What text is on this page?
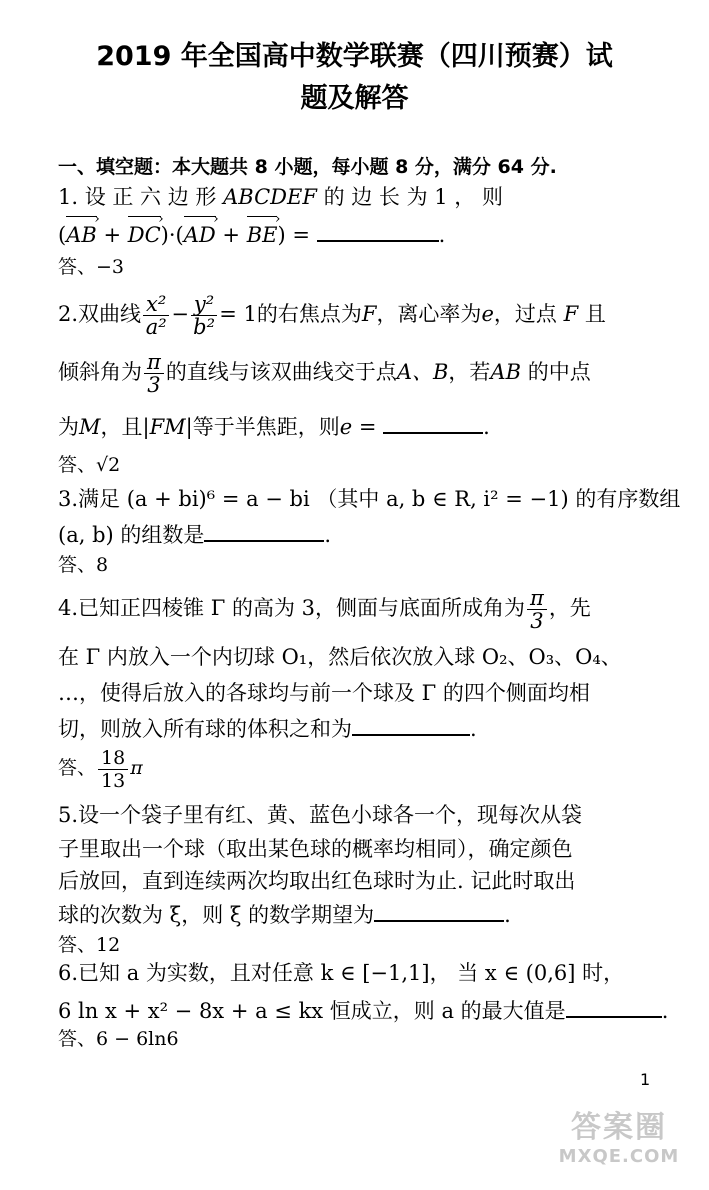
2019 年全国高中数学联赛（四川预赛）试
题及解答
一、填空题：本大题共 8 小题，每小题 8 分，满分 64 分.
1. 设 正 六 边 形 ABCDEF 的 边 长 为 1 ， 则
(AB › + DC ›)·(AD › + BE ›) =	.
答、−3
2.双曲线 $\frac{\text{x²}}{\text{a²}} - \frac{\text{y²}}{\text{b²}} = 1$的右焦点为F，离心率为e，过点 F 且
倾斜角为 $\frac{\pi}{3}$ 的直线与该双曲线交于点A、B，若AB 的中点
为M，且|FM|等于半焦距，则e =	.
答、√2
3.满足 (a + bi)⁶ = a − bi （其中 a, b ∈ R, i² = −1) 的有序数组
(a, b) 的组数是	.
答、8
4.已知正四棱锥 Γ 的高为 3，侧面与底面所成角为 $\frac{\pi}{3}$ ，先
在 Γ 内放入一个内切球 O₁，然后依次放入球 O₂、O₃、O₄、
…，使得后放入的各球均与前一个球及 Γ 的四个侧面均相
切，则放入所有球的体积之和为	.
答、 $\frac{18}{13}$ π
5.设一个袋子里有红、黄、蓝色小球各一个，现每次从袋
子里取出一个球（取出某色球的概率均相同），确定颜色
后放回，直到连续两次均取出红色球时为止. 记此时取出
球的次数为 ξ，则 ξ 的数学期望为	.
答、12
6.已知 a 为实数，且对任意 k ∈ [−1,1]， 当 x ∈ (0,6] 时，
6 ln x + x² − 8x + a ≤ kx 恒成立，则 a 的最大值是	.
答、6 − 6ln6
1
答案圈
MXQE.COM
